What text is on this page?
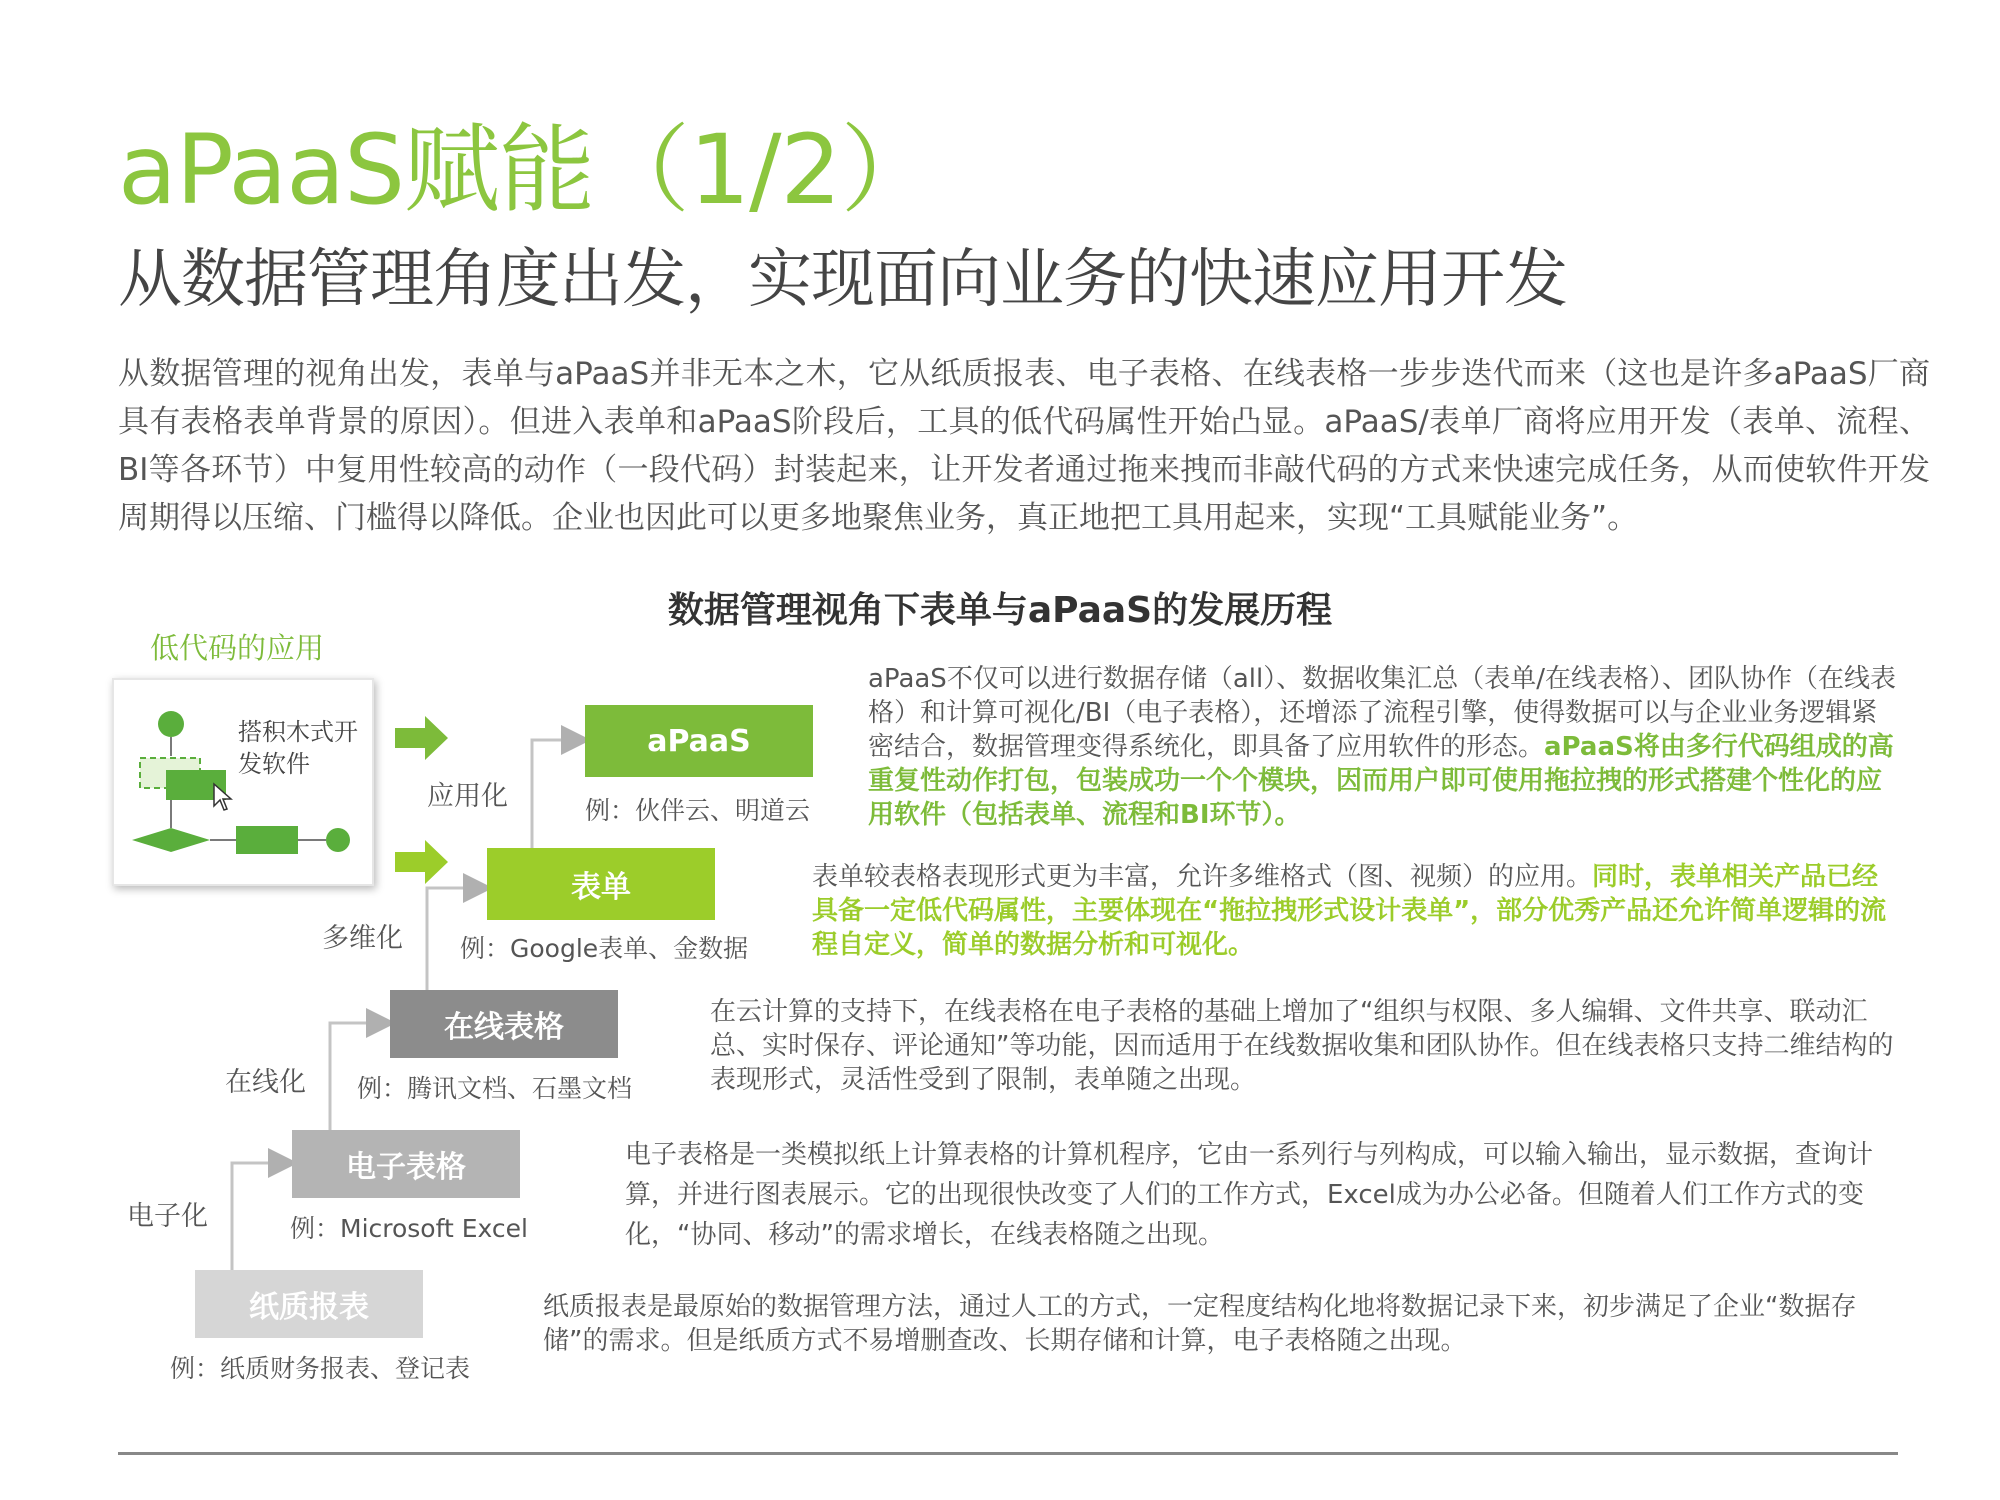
aPaaS赋能（1/2）
从数据管理角度出发，实现面向业务的快速应用开发

从数据管理的视角出发，表单与aPaaS并非无本之木，它从纸质报表、电子表格、在线表格一步步迭代而来（这也是许多aPaaS厂商具有表格表单背景的原因）。但进入表单和aPaaS阶段后，工具的低代码属性开始凸显。aPaaS/表单厂商将应用开发（表单、流程、BI等各环节）中复用性较高的动作（一段代码）封装起来，让开发者通过拖来拽而非敲代码的方式来快速完成任务，从而使软件开发周期得以压缩、门槛得以降低。企业也因此可以更多地聚焦业务，真正地把工具用起来，实现“工具赋能业务”。

数据管理视角下表单与aPaaS的发展历程
低代码的应用
搭积木式开发软件
aPaaS
例：伙伴云、明道云
表单
例：Google表单、金数据
在线表格
例：腾讯文档、石墨文档
电子表格
例：Microsoft Excel
纸质报表
例：纸质财务报表、登记表
应用化
多维化
在线化
电子化
aPaaS不仅可以进行数据存储（all）、数据收集汇总（表单/在线表格）、团队协作（在线表格）和计算可视化/BI（电子表格），还增添了流程引擎，使得数据可以与企业业务逻辑紧密结合，数据管理变得系统化，即具备了应用软件的形态。aPaaS将由多行代码组成的高重复性动作打包，包装成功一个个模块，因而用户即可使用拖拉拽的形式搭建个性化的应用软件（包括表单、流程和BI环节）。
表单较表格表现形式更为丰富，允许多维格式（图、视频）的应用。同时，表单相关产品已经具备一定低代码属性，主要体现在“拖拉拽形式设计表单”，部分优秀产品还允许简单逻辑的流程自定义，简单的数据分析和可视化。
在云计算的支持下，在线表格在电子表格的基础上增加了“组织与权限、多人编辑、文件共享、联动汇总、实时保存、评论通知”等功能，因而适用于在线数据收集和团队协作。但在线表格只支持二维结构的表现形式，灵活性受到了限制，表单随之出现。
电子表格是一类模拟纸上计算表格的计算机程序，它由一系列行与列构成，可以输入输出，显示数据，查询计算，并进行图表展示。它的出现很快改变了人们的工作方式，Excel成为办公必备。但随着人们工作方式的变化，“协同、移动”的需求增长，在线表格随之出现。
纸质报表是最原始的数据管理方法，通过人工的方式，一定程度结构化地将数据记录下来，初步满足了企业“数据存储”的需求。但是纸质方式不易增删查改、长期存储和计算，电子表格随之出现。
